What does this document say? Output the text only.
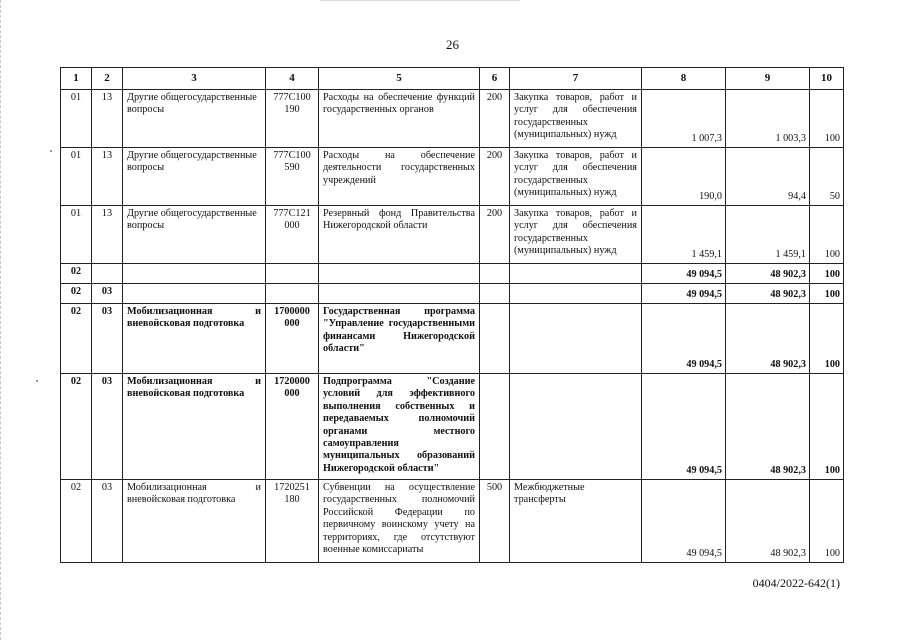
26
1	2	3	4	5	6	7	8	9	10
01	13	Другие общегосударственные вопросы	777С100 190	Расходы на обеспечение функций государственных органов	200	Закупка товаров, работ и услуг для обеспечения государственных (муниципальных) нужд	1 007,3	1 003,3	100
01	13	Другие общегосударственные вопросы	777С100 590	Расходы на обеспечение деятельности государственных учреждений	200	Закупка товаров, работ и услуг для обеспечения государственных (муниципальных) нужд	190,0	94,4	50
01	13	Другие общегосударственные вопросы	777С121 000	Резервный фонд Правительства Нижегородской области	200	Закупка товаров, работ и услуг для обеспечения государственных (муниципальных) нужд	1 459,1	1 459,1	100
02							49 094,5	48 902,3	100
02	03						49 094,5	48 902,3	100
02	03	Мобилизационная и вневойсковая подготовка	1700000 000	Государственная программа "Управление государственными финансами Нижегородской области"			49 094,5	48 902,3	100
02	03	Мобилизационная и вневойсковая подготовка	1720000 000	Подпрограмма "Создание условий для эффективного выполнения собственных и передаваемых полномочий органами местного самоуправления муниципальных образований Нижегородской области"			49 094,5	48 902,3	100
02	03	Мобилизационная и вневойсковая подготовка	1720251 180	Субвенции на осуществление государственных полномочий Российской Федерации по первичному воинскому учету на территориях, где отсутствуют военные комиссариаты	500	Межбюджетные трансферты	49 094,5	48 902,3	100
0404/2022-642(1)
